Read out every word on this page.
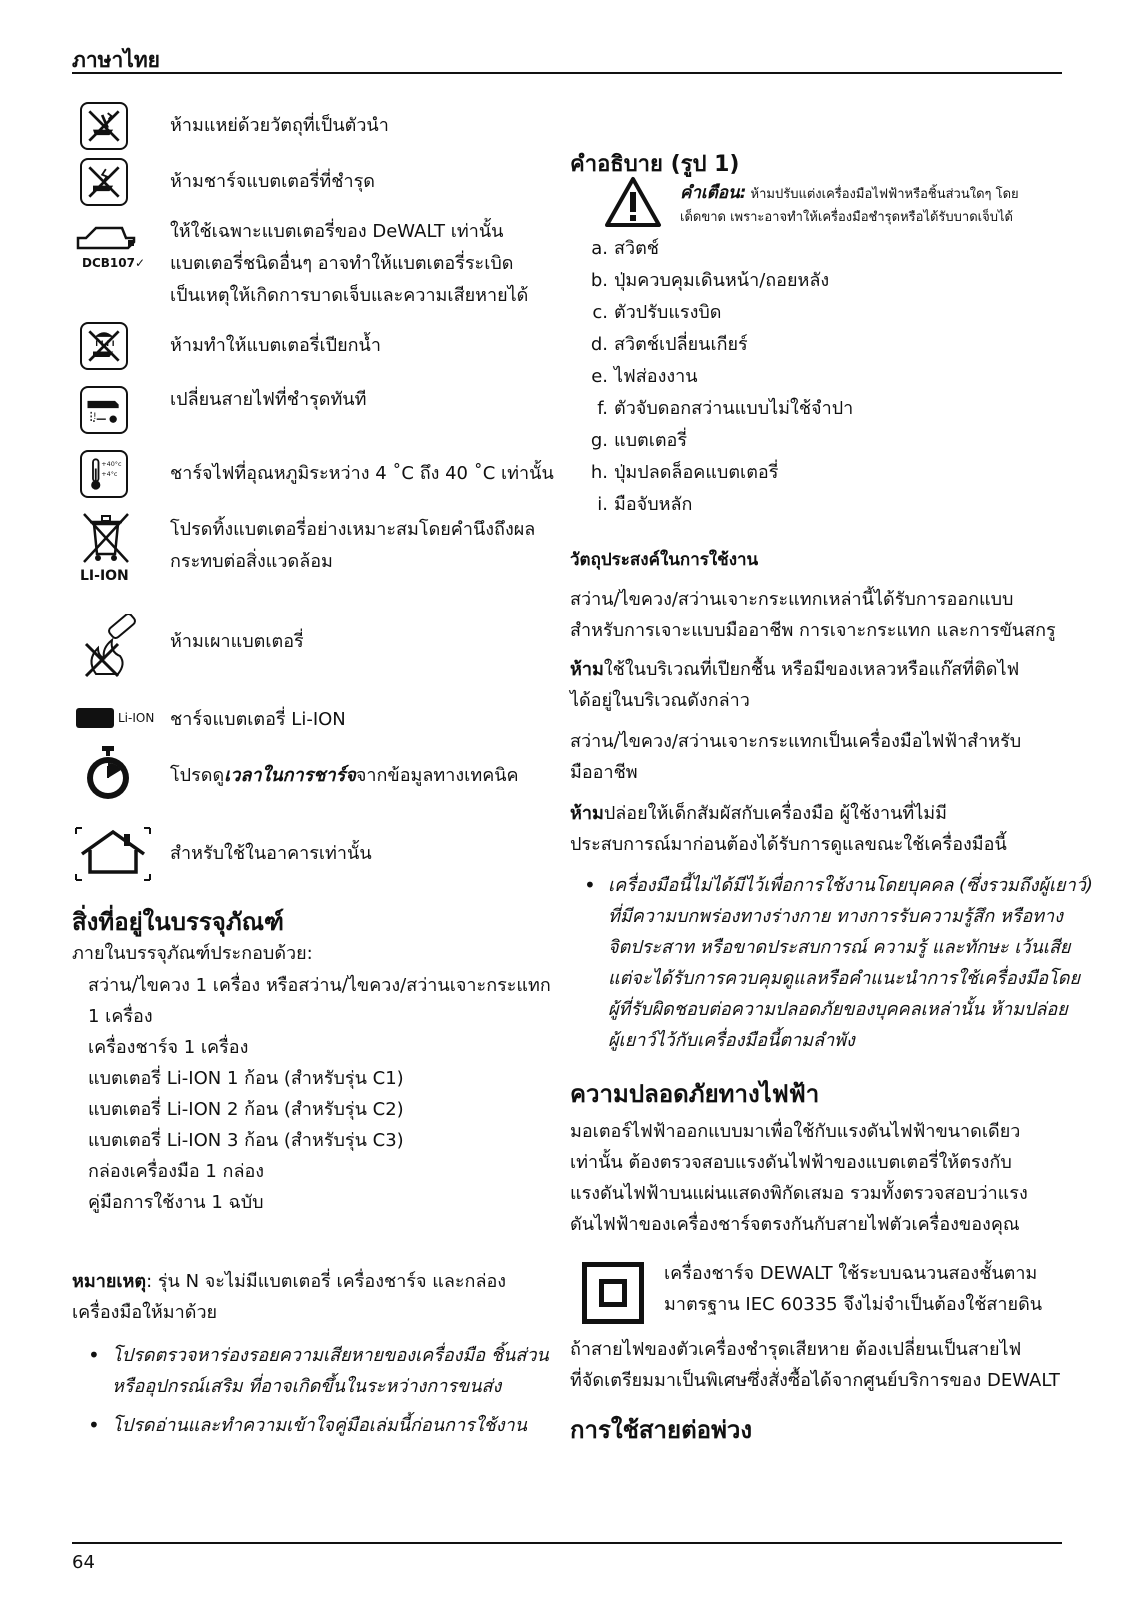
ภาษาไทย
ห้ามแหย่ด้วยวัตถุที่เป็นตัวนำ
ห้ามชาร์จแบตเตอรี่ที่ชำรุด
DCB107✓
ให้ใช้เฉพาะแบตเตอรี่ของ DeWALT เท่านั้น
แบตเตอรี่ชนิดอื่นๆ อาจทำให้แบตเตอรี่ระเบิด
เป็นเหตุให้เกิดการบาดเจ็บและความเสียหายได้
ห้ามทำให้แบตเตอรี่เปียกน้ำ
!
เปลี่ยนสายไฟที่ชำรุดทันที
+40°c
+4°c	ชาร์จไฟที่อุณหภูมิระหว่าง 4 ˚C ถึง 40 ˚C เท่านั้น
LI-ION
โปรดทิ้งแบตเตอรี่อย่างเหมาะสมโดยคำนึงถึงผล
กระทบต่อสิ่งแวดล้อม
ห้ามเผาแบตเตอรี่
Li-ION ชาร์จแบตเตอรี่ Li-ION
โปรดดูเวลาในการชาร์จจากข้อมูลทางเทคนิค
สำหรับใช้ในอาคารเท่านั้น
สิ่งที่อยู่ในบรรจุภัณฑ์
ภายในบรรจุภัณฑ์ประกอบด้วย:
สว่าน/ไขควง 1 เครื่อง หรือสว่าน/ไขควง/สว่านเจาะกระแทก
1 เครื่อง
เครื่องชาร์จ 1 เครื่อง
แบตเตอรี่ Li-ION 1 ก้อน (สำหรับรุ่น C1)
แบตเตอรี่ Li-ION 2 ก้อน (สำหรับรุ่น C2)
แบตเตอรี่ Li-ION 3 ก้อน (สำหรับรุ่น C3)
กล่องเครื่องมือ 1 กล่อง
คู่มือการใช้งาน 1 ฉบับ
หมายเหตุ: รุ่น N จะไม่มีแบตเตอรี่ เครื่องชาร์จ และกล่อง
เครื่องมือให้มาด้วย
• โปรดตรวจหาร่องรอยความเสียหายของเครื่องมือ ชิ้นส่วน
หรืออุปกรณ์เสริม ที่อาจเกิดขึ้นในระหว่างการขนส่ง
• โปรดอ่านและทำความเข้าใจคู่มือเล่มนี้ก่อนการใช้งาน
คำอธิบาย (รูป 1)
คำเตือน: ห้ามปรับแต่งเครื่องมือไฟฟ้าหรือชิ้นส่วนใดๆ โดย
เด็ดขาด เพราะอาจทำให้เครื่องมือชำรุดหรือได้รับบาดเจ็บได้
a. สวิตช์
b. ปุ่มควบคุมเดินหน้า/ถอยหลัง
c. ตัวปรับแรงบิด
d. สวิตช์เปลี่ยนเกียร์
e. ไฟส่องงาน
f. ตัวจับดอกสว่านแบบไม่ใช้จำปา
g. แบตเตอรี่
h. ปุ่มปลดล็อคแบตเตอรี่
i. มือจับหลัก
วัตถุประสงค์ในการใช้งาน
สว่าน/ไขควง/สว่านเจาะกระแทกเหล่านี้ได้รับการออกแบบ
สำหรับการเจาะแบบมืออาชีพ การเจาะกระแทก และการขันสกรู
ห้ามใช้ในบริเวณที่เปียกชื้น หรือมีของเหลวหรือแก๊สที่ติดไฟ
ได้อยู่ในบริเวณดังกล่าว
สว่าน/ไขควง/สว่านเจาะกระแทกเป็นเครื่องมือไฟฟ้าสำหรับ
มืออาชีพ
ห้ามปล่อยให้เด็กสัมผัสกับเครื่องมือ ผู้ใช้งานที่ไม่มี
ประสบการณ์มาก่อนต้องได้รับการดูแลขณะใช้เครื่องมือนี้
• เครื่องมือนี้ไม่ได้มีไว้เพื่อการใช้งานโดยบุคคล (ซึ่งรวมถึงผู้เยาว์)
ที่มีความบกพร่องทางร่างกาย ทางการรับความรู้สึก หรือทาง
จิตประสาท หรือขาดประสบการณ์ ความรู้ และทักษะ เว้นเสีย
แต่จะได้รับการควบคุมดูแลหรือคำแนะนำการใช้เครื่องมือโดย
ผู้ที่รับผิดชอบต่อความปลอดภัยของบุคคลเหล่านั้น ห้ามปล่อย
ผู้เยาว์ไว้กับเครื่องมือนี้ตามลำพัง
ความปลอดภัยทางไฟฟ้า
มอเตอร์ไฟฟ้าออกแบบมาเพื่อใช้กับแรงดันไฟฟ้าขนาดเดียว
เท่านั้น ต้องตรวจสอบแรงดันไฟฟ้าของแบตเตอรี่ให้ตรงกับ
แรงดันไฟฟ้าบนแผ่นแสดงพิกัดเสมอ รวมทั้งตรวจสอบว่าแรง
ดันไฟฟ้าของเครื่องชาร์จตรงกันกับสายไฟตัวเครื่องของคุณ
เครื่องชาร์จ DEWALT ใช้ระบบฉนวนสองชั้นตาม
มาตรฐาน IEC 60335 จึงไม่จำเป็นต้องใช้สายดิน
ถ้าสายไฟของตัวเครื่องชำรุดเสียหาย ต้องเปลี่ยนเป็นสายไฟ
ที่จัดเตรียมมาเป็นพิเศษซึ่งสั่งซื้อได้จากศูนย์บริการของ DEWALT
การใช้สายต่อพ่วง
64
